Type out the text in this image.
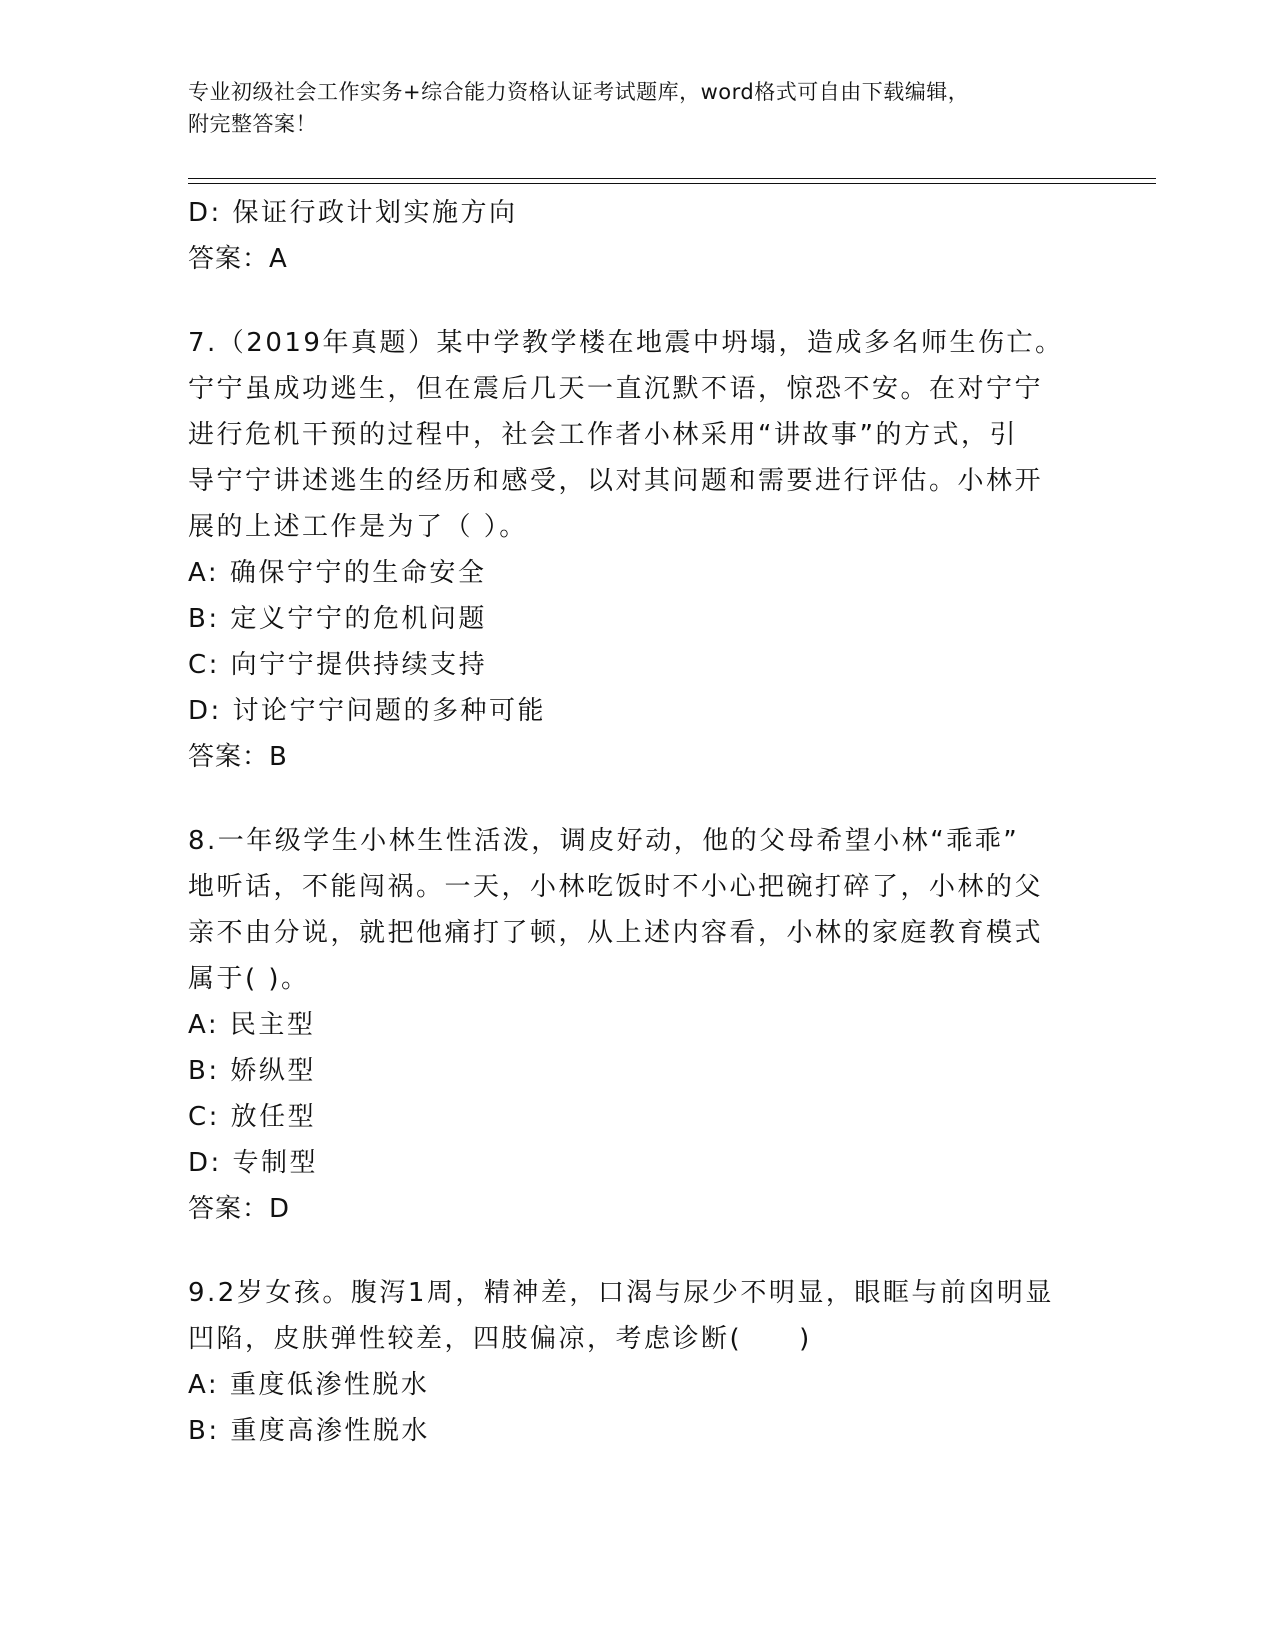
专业初级社会工作实务+综合能力资格认证考试题库，word格式可自由下载编辑，
附完整答案！
D: 保证行政计划实施方向
答案：A
7.（2019年真题）某中学教学楼在地震中坍塌，造成多名师生伤亡。
宁宁虽成功逃生，但在震后几天一直沉默不语，惊恐不安。在对宁宁
进行危机干预的过程中，社会工作者小林采用“讲故事”的方式，引
导宁宁讲述逃生的经历和感受，以对其问题和需要进行评估。小林开
展的上述工作是为了（ ）。
A: 确保宁宁的生命安全
B: 定义宁宁的危机问题
C: 向宁宁提供持续支持
D: 讨论宁宁问题的多种可能
答案：B
8.一年级学生小林生性活泼，调皮好动，他的父母希望小林“乖乖”
地听话，不能闯祸。一天，小林吃饭时不小心把碗打碎了，小林的父
亲不由分说，就把他痛打了顿，从上述内容看，小林的家庭教育模式
属于( )。
A: 民主型
B: 娇纵型
C: 放任型
D: 专制型
答案：D
9.2岁女孩。腹泻1周，精神差，口渴与尿少不明显，眼眶与前囟明显
凹陷，皮肤弹性较差，四肢偏凉，考虑诊断(　　)
A: 重度低渗性脱水
B: 重度高渗性脱水
